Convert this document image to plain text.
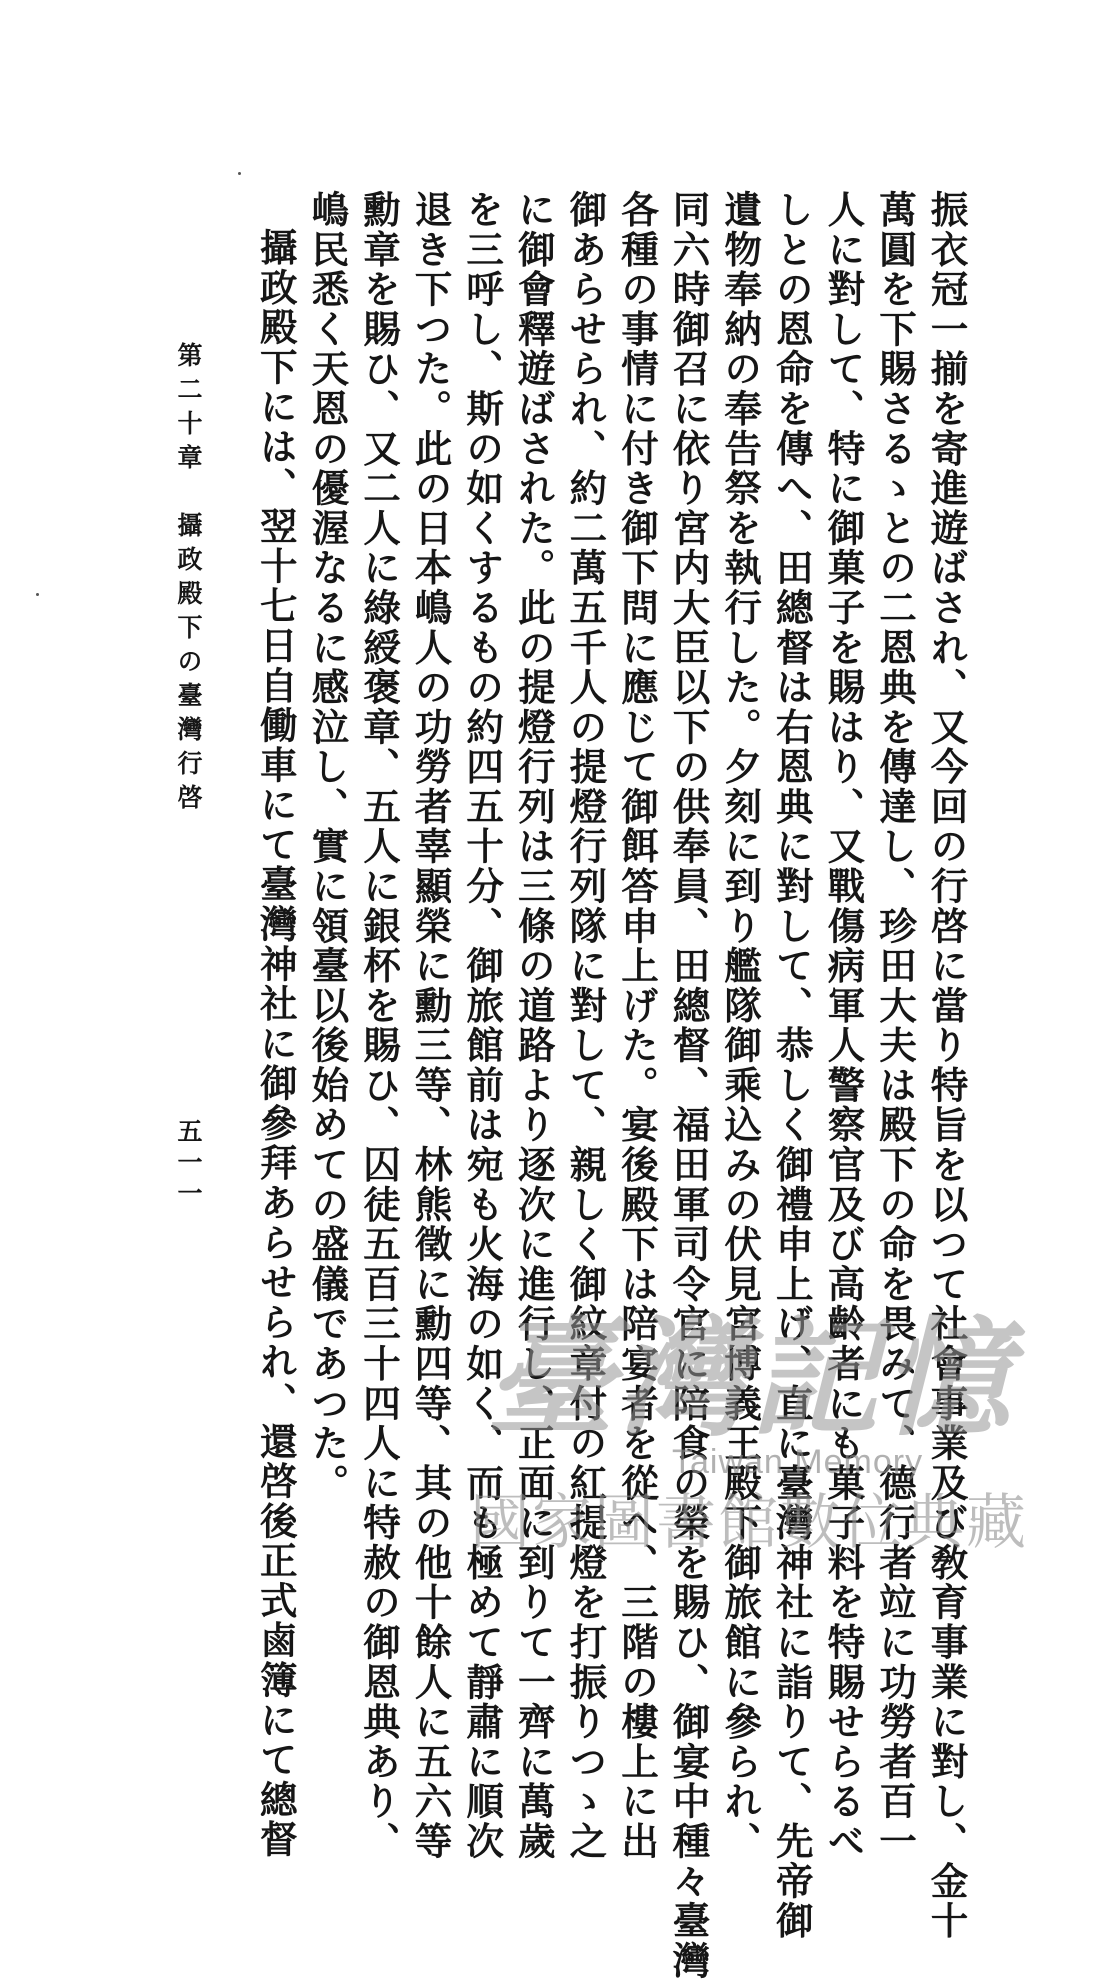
振衣冠一揃を寄進遊ばされ、又今回の行啓に當り特旨を以つて社會事業及び敎育事業に對し、金十
萬圓を下賜さるゝとの二恩典を傳達し、珍田大夫は殿下の命を畏みて、德行者竝に功勞者百一
人に對して、特に御菓子を賜はり、又戰傷病軍人警察官及び高齡者にも菓子料を特賜せらるべ
しとの恩命を傳へ、田總督は右恩典に對して、恭しく御禮申上げ、直に臺灣神社に詣りて、先帝御
遺物奉納の奉告祭を執行した。夕刻に到り艦隊御乘込みの伏見宮博義王殿下御旅館に參られ、
同六時御召に依り宮内大臣以下の供奉員、田總督、福田軍司令官に陪食の榮を賜ひ、御宴中種々臺灣
各種の事情に付き御下問に應じて御餌答申上げた。宴後殿下は陪宴者を從へ、三階の樓上に出
御あらせられ、約二萬五千人の提燈行列隊に對して、親しく御紋章付の紅提燈を打振りつゝ之
に御會釋遊ばされた。此の提燈行列は三條の道路より逐次に進行し、正面に到りて一齊に萬歲
を三呼し、斯の如くするもの約四五十分、御旅館前は宛も火海の如く、而も極めて靜肅に順次
退き下つた。此の日本嶋人の功勞者辜顯榮に勳三等、林熊徵に勳四等、其の他十餘人に五六等
勳章を賜ひ、又二人に綠綬褒章、五人に銀杯を賜ひ、囚徒五百三十四人に特赦の御恩典あり、
嶋民悉く天恩の優渥なるに感泣し、實に領臺以後始めての盛儀であつた。
攝政殿下には、翌十七日自働車にて臺灣神社に御參拜あらせられ、還啓後正式鹵簿にて總督
第二十章　攝政殿下の臺灣行啓
五一一
臺灣記憶
Taiwan Memory
國家圖書館數位典藏
